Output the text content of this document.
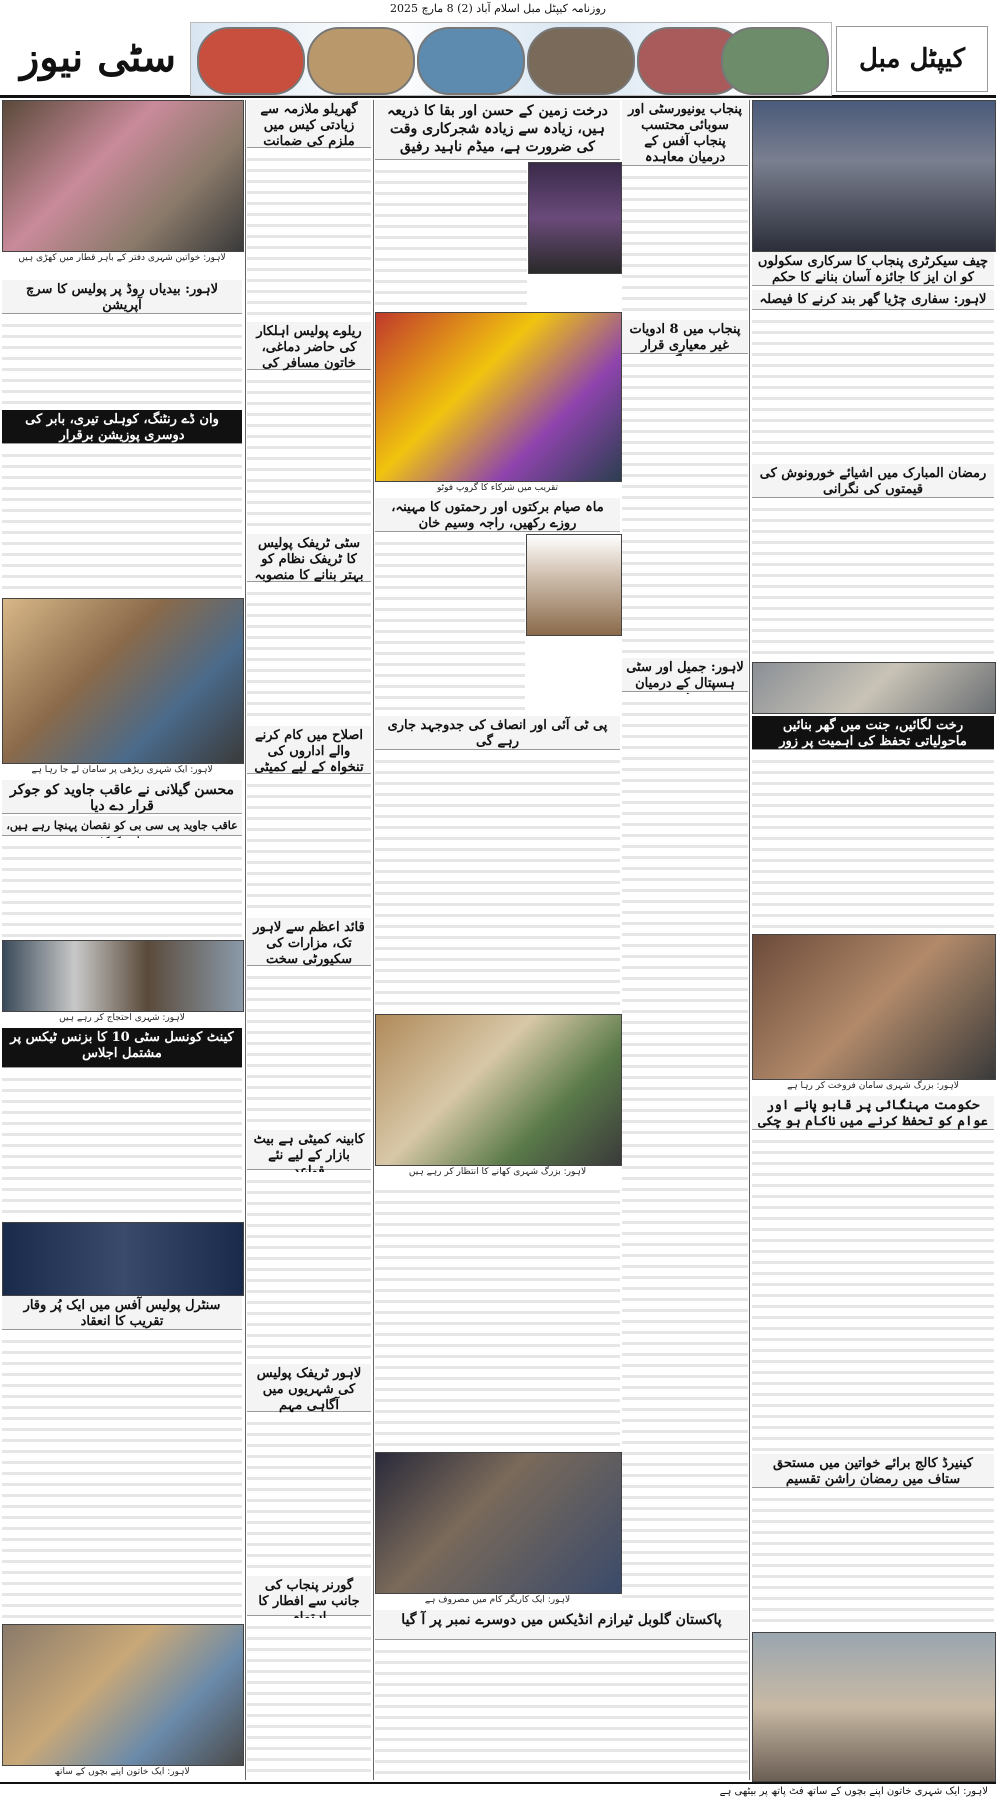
روزنامہ کیپٹل مبل اسلام آباد (2) 8 مارچ 2025
سٹی نیوز	کیپٹل مبل
چیف سیکرٹری پنجاب کا سرکاری سکولوں کو ان ایز کا جائزہ آسان بنانے کا حکم
لاہور: سفاری چڑیا گھر بند کرنے کا فیصلہ
رمضان المبارک میں اشیائے خورونوش کی قیمتوں کی نگرانی
رخت لگائیں، جنت میں گھر بنائیں ماحولیاتی تحفظ کی اہمیت پر زور
لاہور: بزرگ شہری سامان فروخت کر رہا ہے
حکومت مہنگائی پر قابو پانے اور عوام کو تحفظ کرنے میں ناکام ہو چکی
کینیرڈ کالج برائے خواتین میں مستحق ستاف میں رمضان راشن تقسیم
درخت زمین کے حسن اور بقا کا ذریعہ ہیں، زیادہ سے زیادہ شجرکاری وقت کی ضرورت ہے، میڈم ناہید رفیق
پنجاب یونیورسٹی اور سوبائی محتسب پنجاب آفس کے درمیان معاہدہ
تقریب میں شرکاء کا گروپ فوٹو
ماہ صیام برکتوں اور رحمتوں کا مہینہ، روزے رکھیں، راجہ وسیم خان
پنجاب میں 8 ادویات غیر معیاری قرار
پی ٹی آئی اور انصاف کی جدوجہد جاری رہے گی
لاہور: جمیل اور سٹی ہسپتال کے درمیان
لاہور: بزرگ شہری کھانے کا انتظار کر رہے ہیں
لاہور: ایک کاریگر کام میں مصروف ہے
پاکستان گلوبل ٹیرازم انڈیکس میں دوسرے نمبر پر آ گیا
گھریلو ملازمہ سے زیادتی کیس میں ملزم کی ضمانت
ریلوے پولیس اہلکار کی حاضر دماغی، خاتون مسافر کی
سٹی ٹریفک پولیس کا ٹریفک نظام کو بہتر بنانے کا منصوبہ
اصلاح میں کام کرنے والے اداروں کی تنخواہ کے لیے کمیٹی
قائد اعظم سے لاہور تک، مزارات کی سکیورٹی سخت
کابینہ کمیٹی ہے بیٹ بازار کے لیے نئے
لاہور ٹریفک پولیس کی شہریوں میں آگاہی مہم
گورنر پنجاب کی جانب سے افطار کا
لاہور: خواتین شہری دفتر کے باہر قطار میں کھڑی ہیں
لاہور: بیدیاں روڈ پر پولیس کا سرچ آپریشن
وان ڈے رنٹنگ، کوہلی تیری، بابر کی دوسری پوزیشن برقرار
لاہور: ایک شہری ریڑھی پر سامان لے جا رہا ہے
محسن گیلانی نے عاقب جاوید کو جوکر قرار دے دیا
عاقب جاوید پی سی بی کو نقصان پہنچا رہے ہیں،
لاہور: شہری احتجاج کر رہے ہیں
کینٹ کونسل سٹی 10 کا بزنس ٹیکس پر مشتمل اجلاس
سنٹرل پولیس آفس میں ایک پُر وقار تقریب کا انعقاد
لاہور: ایک خاتون اپنے بچوں کے ساتھ
لاہور: ایک شہری خاتون اپنے بچوں کے ساتھ فٹ پاتھ پر بیٹھی ہے
